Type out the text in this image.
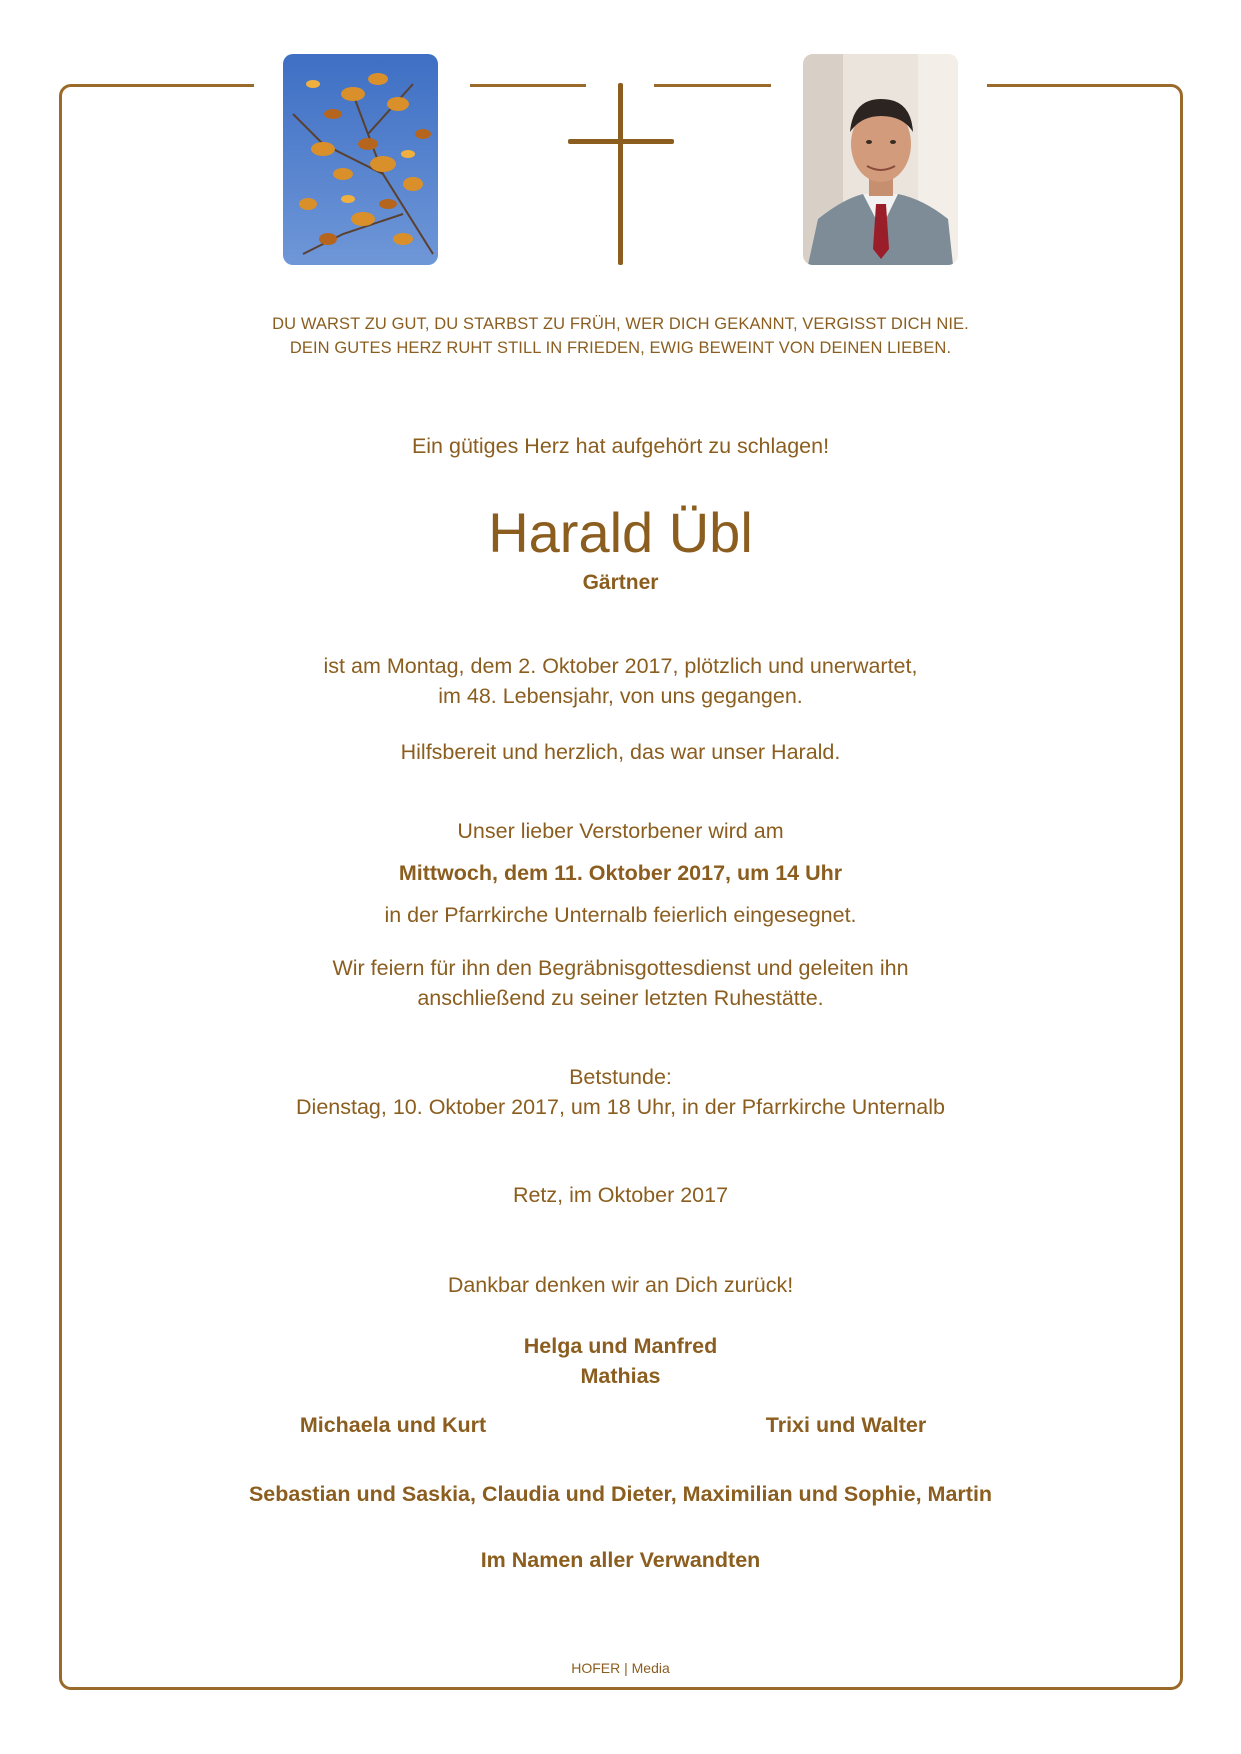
DU WARST ZU GUT, DU STARBST ZU FRÜH, WER DICH GEKANNT, VERGISST DICH NIE.
DEIN GUTES HERZ RUHT STILL IN FRIEDEN, EWIG BEWEINT VON DEINEN LIEBEN.
Ein gütiges Herz hat aufgehört zu schlagen!
Harald Übl
Gärtner
ist am Montag, dem 2. Oktober 2017, plötzlich und unerwartet,
im 48. Lebensjahr, von uns gegangen.
Hilfsbereit und herzlich, das war unser Harald.
Unser lieber Verstorbener wird am
Mittwoch, dem 11. Oktober 2017, um 14 Uhr
in der Pfarrkirche Unternalb feierlich eingesegnet.
Wir feiern für ihn den Begräbnisgottesdienst und geleiten ihn
anschließend zu seiner letzten Ruhestätte.
Betstunde:
Dienstag, 10. Oktober 2017, um 18 Uhr, in der Pfarrkirche Unternalb
Retz, im Oktober 2017
Dankbar denken wir an Dich zurück!
Helga und Manfred
Mathias
Michaela und Kurt	Trixi und Walter
Sebastian und Saskia, Claudia und Dieter, Maximilian und Sophie, Martin
Im Namen aller Verwandten
HOFER | Media
